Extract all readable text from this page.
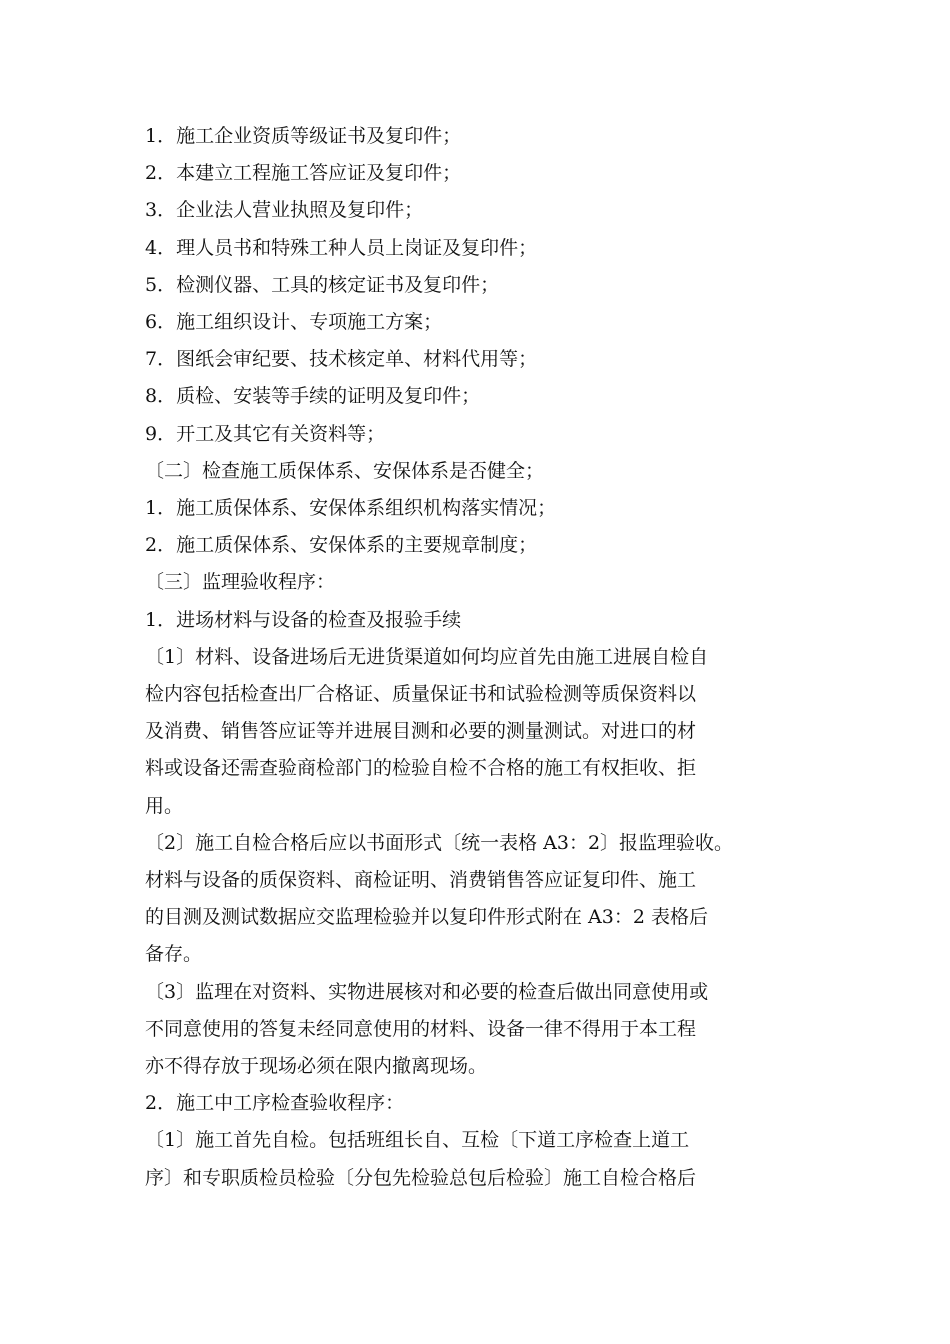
1．施工企业资质等级证书及复印件；

2．本建立工程施工答应证及复印件；

3．企业法人营业执照及复印件；

4．理人员书和特殊工种人员上岗证及复印件；

5．检测仪器、工具的核定证书及复印件；

6．施工组织设计、专项施工方案；

7．图纸会审纪要、技术核定单、材料代用等；

8．质检、安装等手续的证明及复印件；

9．开工及其它有关资料等；

〔二〕检查施工质保体系、安保体系是否健全；

1．施工质保体系、安保体系组织机构落实情况；

2．施工质保体系、安保体系的主要规章制度；

〔三〕监理验收程序：

1．进场材料与设备的检查及报验手续

〔1〕材料、设备进场后无进货渠道如何均应首先由施工进展自检自

检内容包括检查出厂合格证、质量保证书和试验检测等质保资料以

及消费、销售答应证等并进展目测和必要的测量测试。对进口的材

料或设备还需查验商检部门的检验自检不合格的施工有权拒收、拒

用。

〔2〕施工自检合格后应以书面形式〔统一表格 A3：2〕报监理验收。

材料与设备的质保资料、商检证明、消费销售答应证复印件、施工

的目测及测试数据应交监理检验并以复印件形式附在 A3：2 表格后

备存。

〔3〕监理在对资料、实物进展核对和必要的检查后做出同意使用或

不同意使用的答复未经同意使用的材料、设备一律不得用于本工程

亦不得存放于现场必须在限内撤离现场。

2．施工中工序检查验收程序：

〔1〕施工首先自检。包括班组长自、互检〔下道工序检查上道工

序〕和专职质检员检验〔分包先检验总包后检验〕施工自检合格后
